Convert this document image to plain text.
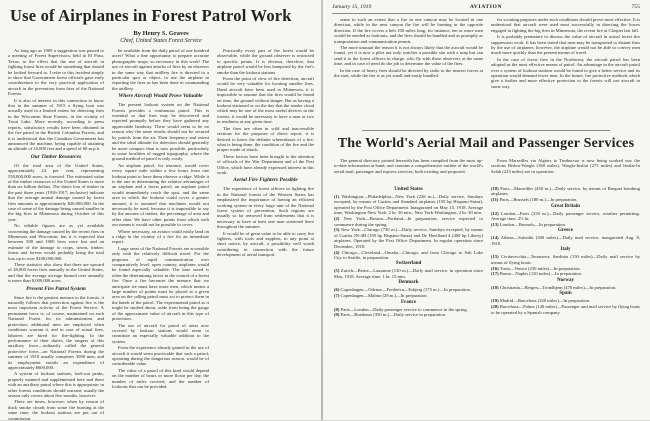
Use of Airplanes in Forest Patrol Work
By Henry S. Graves
Chief, United States Forest Service

As long ago as 1909 a suggestion was passed to a meeting of Forest Supervisors, held in El Paso, Texas, to the effect that the use of aircraft in fighting forest fires would be something that should be looked forward to. I refer to this incident simply to show that Government forest officials gave early consideration to the very practical application of aircraft in the prevention from fires of the National Forests.

It is also of interest in this connection to know that in the summer of 1915 a flying boat was actually used in a limited extent for detecting fires in the Wisconsin State Forests, in the vicinity of Trout Lake. More recently, according to press reports, satisfactory results have been obtained in the fire patrol in the British Columbia Forests, and it is understood that the Canadian Government has announced the machine, being capable of attaining an altitude of 10,000 feet and a speed of 60 m.p.h.

Our Timber Resources

Of the total area of the United States, approximately 24 per cent, representing 550,000,000 acres, is forested. The estimated value of the timber resources of the United States is more than six billion dollars. The direct loss of timber in the past three years (1916-1917, inclusive) indicate that the average annual damage caused by forest fires amounts to approximately $20,000,000. In the case of some of the damage being caused smaller in the big fires in Minnesota during October of this year.

No reliable figures are as yet available concerning the damage caused by the recent fires in Minnesota and Wisconsin, but it is expected that between 500 and 1000 lives were lost and an estimate of the damage to crops, towns, timber, farms and forests would probably bring the total loss up to over $100,000,000.

These statistics also show that there are upward of 28,000 forest fires annually in the United States, and that the average acreage burned over annually is more than 8,000,000 acres.

Present Fire Patrol System

Since fire is the greatest menace to the forests, it naturally follows that protection against fire is the most important activity of the Forest Service. A permanent force is, of course, maintained on each National Forest for its administration and protection; additional men are employed when conditions warrant it, and in case of actual fires, laborers are hired for fire-fighting. In the performance of their duties, the rangers of this auxiliary force—ordinarily called the general protective force—on National Forests during the summer of 1918 usually comprises 3000 men, and its employment entails an expenditure of approximately $600,000.

A system of lookout stations, look-out peaks, properly manned and supplemented here and there with an auxiliary patrol where this is appropriate; in other forests conditions should warrant; usually the season only covers about five months, however.

There are times, however, when by reason of thick smoke clouds from some fire burning at the same time, the lookout stations are put out of commission.

be available from the daily patrol of one hundred acres? What a fine opportunity to prepare accurate photographic maps, so necessary in this work! The use of aircraft against attacks of fires by an observer in the same way that artillery fire is directed to a particular spot or object, to use the airplane in reporting the fires as has been done in commanding the artillery.

Where Aircraft Would Prove Valuable

The present lookout system on the National Forests provides a continuous patrol. This is essential so that fires may be discovered and reported promptly before they have gathered any appreciable headway. There would seem to be no reason why the same results should not be secured by patrols from the air. Their frequency and extent and the ideal altitude for detection should generally be more compact than is now possible, particularly in some localities of rugged topography, where the ground method of patrol is only costly.

An airplane patrol, for instance, would cover every square mile within a few hours from one lookout point to have them observe a ridge. While it is the one in determining the relative advantages of an airplane and a forest patrol, an airplane patrol would immediately reach the spot, and the same area in which the lookout could cover a greater amount, it is assumed that machines would not necessarily be used, because it is impossible to say by the amount of timber, the percentage of area and other data. We have other points from which with our means it would not be possible to cover.

Where necessary, an aviator could easily land on a ridge in the vicinity of a fire for an immediate report.

Large areas of the National Forests are accessible only with the relatively difficult travel. For the purposes of rapid communication over comparatively level, open country, airplanes would be found especially valuable. The time saved is often the determining factor in the control of a forest fire. Once a fire becomes the menace that we anticipate we must have more men, which means a large number of points must be placed at a given area on the calling patrol must act to protect them in the hands of the patrol. The experimental patrol as it might be studied about, aside from being the gauge of the approximate value of aircraft in this type of protection.

The use of aircraft for patrol of areas now covered by lookout stations would seem to constitute an especially valuable addition to the system.

From the experience already gained in the use of aircraft it would seem practicable that such a patrol, operating during the dangerous season, would be of considerable value.

The value of a patrol of this kind would depend on the number of hours or more flown per day, the number of miles covered, and the number of lookouts that can be provided.

Practically every part of the forest would be observable, while the ground observer is restricted to specific points. It is obvious, therefore, that airplane patrol would be less hampered by the fire's smoke than the lookout stations.

From the point of view of fire detection, aircraft would be very valuable for locating smaller fires. Hand aircraft have been used in Minnesota, it is impossible to assume that the fires would be found on time, the ground without danger. But as having a lookout stationed or on the day that the smoke cloud which may be one of the most useful devices in the forests, it would be necessary to have a man or two in readiness at any given time.

The fires are often in wild and inaccessible sections for the purposes of direct report, it is desired to know the definite whereabouts of a fire, what is being done, the condition of the fire and the proper mode of attack.

These factors have been brought to the attention of officials of the War Department and of the Post Office, which have already expressed interest in this work.

Aerial Fire Fighters Possible

The experience of forest officers in fighting fire in the National forests of the Western States has emphasized the importance of having an efficient working system in every large unit of the National forest system of prevention. Such regions are usually so far removed from settlements that it is necessary to have at least one man stationed there throughout the summer.

It would be of great value to be able to carry fire fighters, with tools and supplies, to any point at short notice, by aircraft, a possibility well worth considering in connection with the future development of aerial transport.

January 15, 1919	AVIATION	755

sense to such an extent that a fire in one canyon may be located in one direction, while in the next canyon the fire will be burning in the opposite direction. If the fire covers a belt 100 miles long, for instance, ten or more men would be needed as lookouts, and the fires should be handled and as promptly as transportation and communication permit.

The more unusual the reason it is not always likely that the aircraft would be found, yet it is now a pilot not only watches a possible site with a map but can send it to the forest officers in charge, who fly with these observers at the same time, and in case of need do the job to determine the value of the fires.

In the case of heavy fires should be directed by radio to the nearest forces at the start, while the fire is as yet small and easily handled.

for scouting purposes under such conditions should prove most effective. It is understood that aircraft were used most successfully in directing the forces engaged in fighting the big fires in Minnesota, the recent fire at Cloquet last fall.

It is probably premature to discuss the value of aircraft in actual forest fire suppression work. It has been stated that men may be transported to distant fires by the use of airplanes; however, the airplane would not be able to convey men much more quickly than the present means of travel.

In the case of forest fires in the Northwest, the aircraft patrol has been adopted as the most effective means of patrol. An advantage in the aircraft patrol over a system of lookout stations would be found to give a better service and its operation would demand fewer men. In the future, fire protective methods which give a further and more effective protection to the forests will use aircraft in some way.

The World's Aerial Mail and Passenger Services

The general directory printed herewith has been compiled from the most up-to-date information at hand, and contains a comprehensive outline of the world's aerial mail, passenger and express services, both existing and proposed.

From Marseilles via Algiers to Timbuctoo is now being worked out; the sections Biskra-Wargla (360 miles), Wargla-Insilat (275 miles) and Insilat-In Salah (225 miles) are in operation.

United States

(1) Washington—Philadelphia—New York (226 m.)—Daily service, Sundays excepted, by means of Curtiss and Standard airplanes (150 hp Hispano-Suiza), operated by the Post Office Department. Inaugurated on May 15, 1918. Average time, Washington-New York, 2 hr. 30 min.; New York-Washington, 2 hr. 30 min.

(2) New York—Boston—Portland—In preparation; service expected to commence during the spring.

(3) New York—Chicago (730 m.)—Daily service, Sundays excepted, by means of Curtiss JN-4H (150 hp Hispano-Suiza) and De Havilland 4 (400 hp Liberty) airplanes. Operated by the Post Office Department. In regular operation since December, 1918.

(4) Chicago—Cleveland—Omaha—Chicago, and from Chicago to Salt Lake City to Seattle, in preparation.

Switzerland

(5) Zurich—Berne—Lausanne (130 m.)—Daily mail service, in operation since May, 1918. Average time, 1 hr. 15 min.

Denmark

(6) Copenhagen—Odense—Frederica—Esbjerg (175 m.)—In preparation.

(7) Copenhagen—Malmo (28 m.)—In preparation.

France

(8) Paris—London—Daily passenger service to commence in the spring.

(9) Paris—Bordeaux (350 m.)—Daily service in preparation.

(10) Paris—Marseilles (450 m.)—Daily service, by means of Breguet bombing airplanes.

(11) Paris—Brussels (180 m.)—In preparation.

Great Britain

(12) London—Paris (250 m.)—Daily passenger service, weather permitting. Average time, 2½ hr.

(13) London—Brussels—In preparation.

Greece

(14) Athens—Saloniki (300 miles)—Daily mail service, inaugurated Aug. 8, 1918.

Italy

(15) Civitavecchia—Terranova, Sardinia (150 miles)—Daily mail service by means of flying boats.

(16) Turin—Venice (250 miles)—In preparation.

(17) Rome—Naples (120 miles)—In preparation.

Norway

(18) Christiania—Bergen—Trondhjem (470 miles)—In preparation.

Spain

(19) Madrid—Barcelona (320 miles)—In preparation.

(20) Barcelona—Palma (140 miles)—Passenger and mail service by flying boats to be operated by a Spanish company.
